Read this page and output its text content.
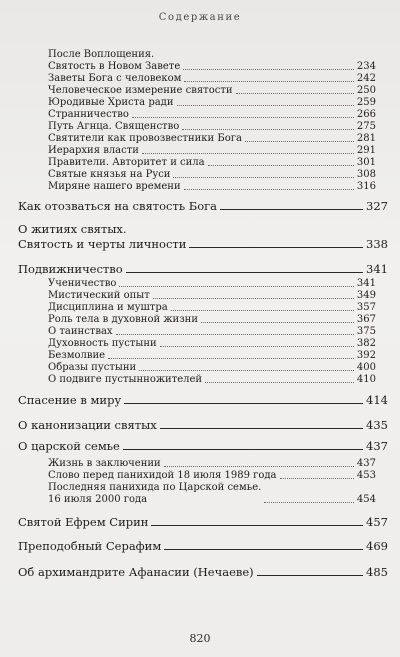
Содержание
После Воплощения.
Святость в Новом Завете	234
Заветы Бога с человеком	242
Человеческое измерение святости	250
Юродивые Христа ради	259
Странничество	266
Путь Агнца. Священство	275
Святители как провозвестники Бога	281
Иерархия власти	291
Правители. Авторитет и сила	301
Святые князья на Руси	308
Миряне нашего времени	316
Как отозваться на святость Бога	327
О житиях святых.
Святость и черты личности	338
Подвижничество	341
Ученичество	341
Мистический опыт	349
Дисциплина и муштра	357
Роль тела в духовной жизни	367
О таинствах	375
Духовность пустыни	382
Безмолвие	392
Образы пустыни	400
О подвиге пустынножителей	410
Спасение в миру	414
О канонизации святых	435
О царской семье	437
Жизнь в заключении	437
Слово перед панихидой 18 июля 1989 года	453
Последняя панихида по Царской семье.
16 июля 2000 года	454
Святой Ефрем Сирин	457
Преподобный Серафим	469
Об архимандрите Афанасии (Нечаеве)	485
820
